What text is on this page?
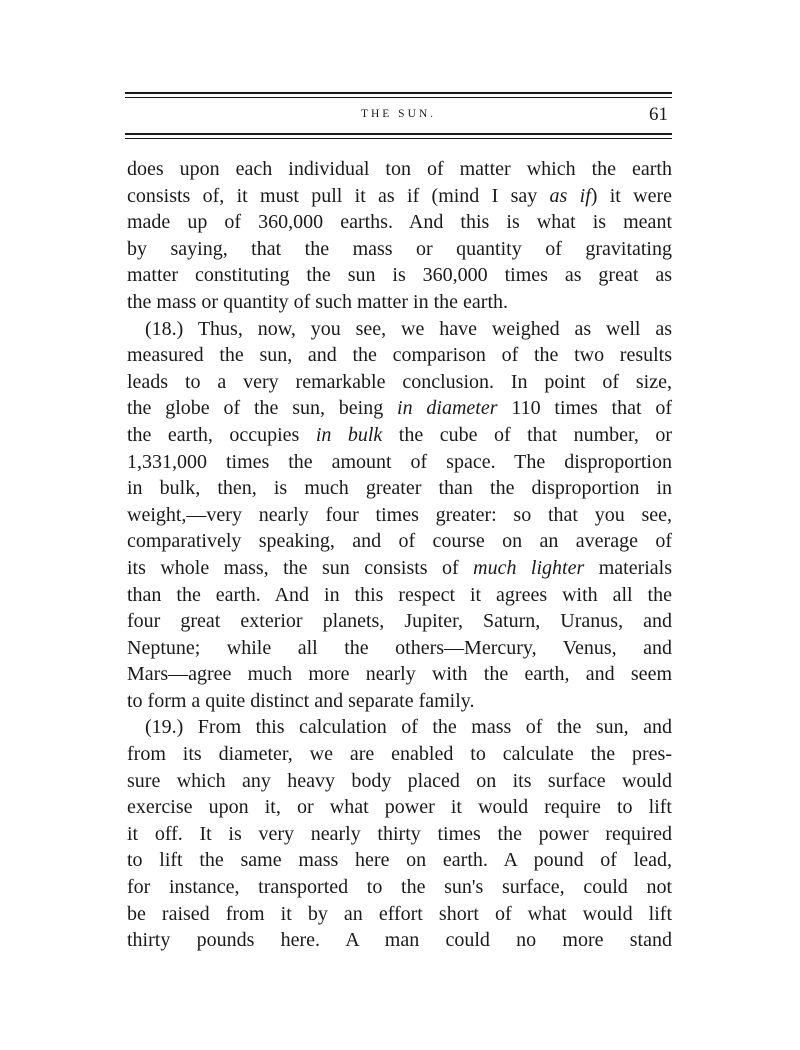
THE SUN.	61
does upon each individual ton of matter which the earth
consists of, it must pull it as if (mind I say as if) it were
made up of 360,000 earths. And this is what is meant
by saying, that the mass or quantity of gravitating
matter constituting the sun is 360,000 times as great as
the mass or quantity of such matter in the earth.
(18.) Thus, now, you see, we have weighed as well as
measured the sun, and the comparison of the two results
leads to a very remarkable conclusion. In point of size,
the globe of the sun, being in diameter 110 times that of
the earth, occupies in bulk the cube of that number, or
1,331,000 times the amount of space. The disproportion
in bulk, then, is much greater than the disproportion in
weight,—very nearly four times greater: so that you see,
comparatively speaking, and of course on an average of
its whole mass, the sun consists of much lighter materials
than the earth. And in this respect it agrees with all the
four great exterior planets, Jupiter, Saturn, Uranus, and
Neptune; while all the others—Mercury, Venus, and
Mars—agree much more nearly with the earth, and seem
to form a quite distinct and separate family.
(19.) From this calculation of the mass of the sun, and
from its diameter, we are enabled to calculate the pres-
sure which any heavy body placed on its surface would
exercise upon it, or what power it would require to lift
it off. It is very nearly thirty times the power required
to lift the same mass here on earth. A pound of lead,
for instance, transported to the sun's surface, could not
be raised from it by an effort short of what would lift
thirty pounds here. A man could no more stand
